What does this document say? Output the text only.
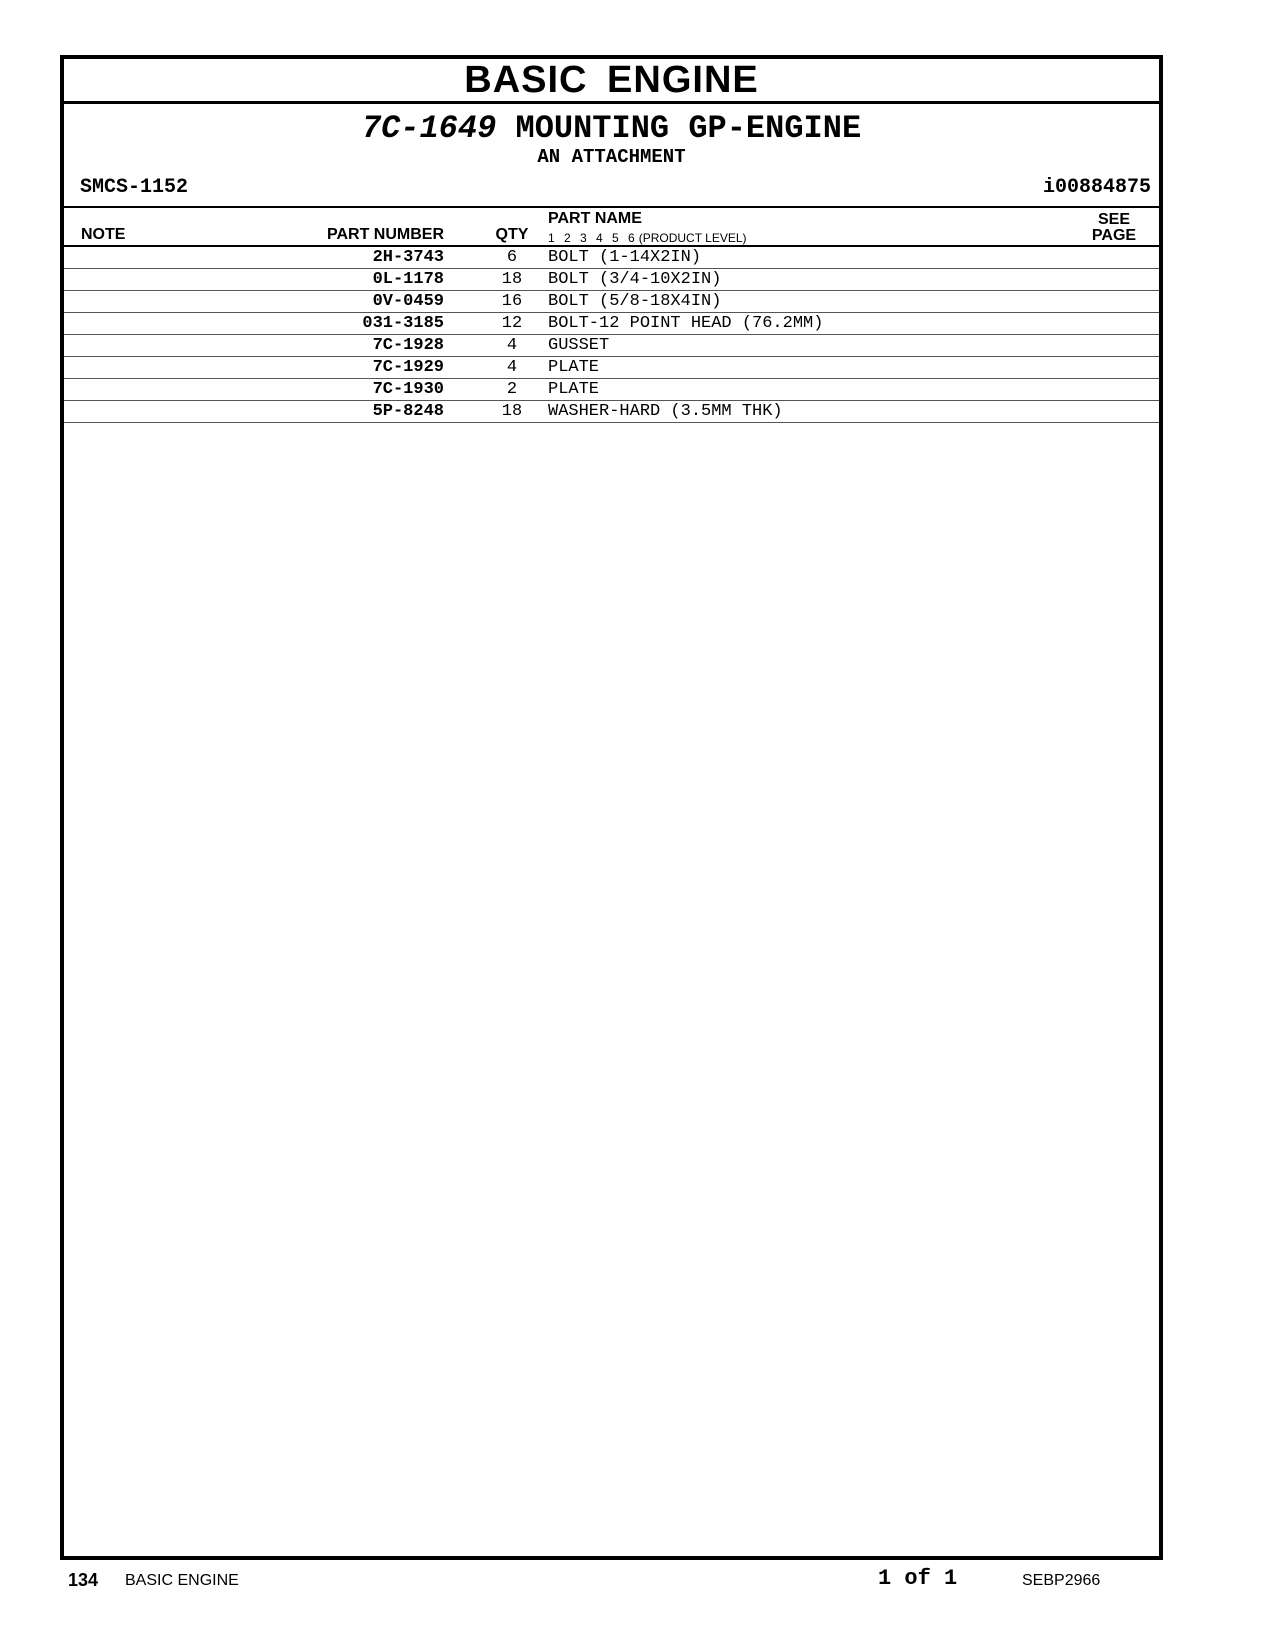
BASIC ENGINE
7C-1649 MOUNTING GP-ENGINE
AN ATTACHMENT
SMCS-1152	i00884875
NOTE	PART NUMBER	QTY
PART NAME
1 2 3 4 5 6 (PRODUCT LEVEL)
SEE
PAGE
2H-3743	6	BOLT (1-14X2IN)
0L-1178	18	BOLT (3/4-10X2IN)
0V-0459	16	BOLT (5/8-18X4IN)
031-3185	12	BOLT-12 POINT HEAD (76.2MM)
7C-1928	4	GUSSET
7C-1929	4	PLATE
7C-1930	2	PLATE
5P-8248	18	WASHER-HARD (3.5MM THK)
134 BASIC ENGINE	1 of 1	SEBP2966
